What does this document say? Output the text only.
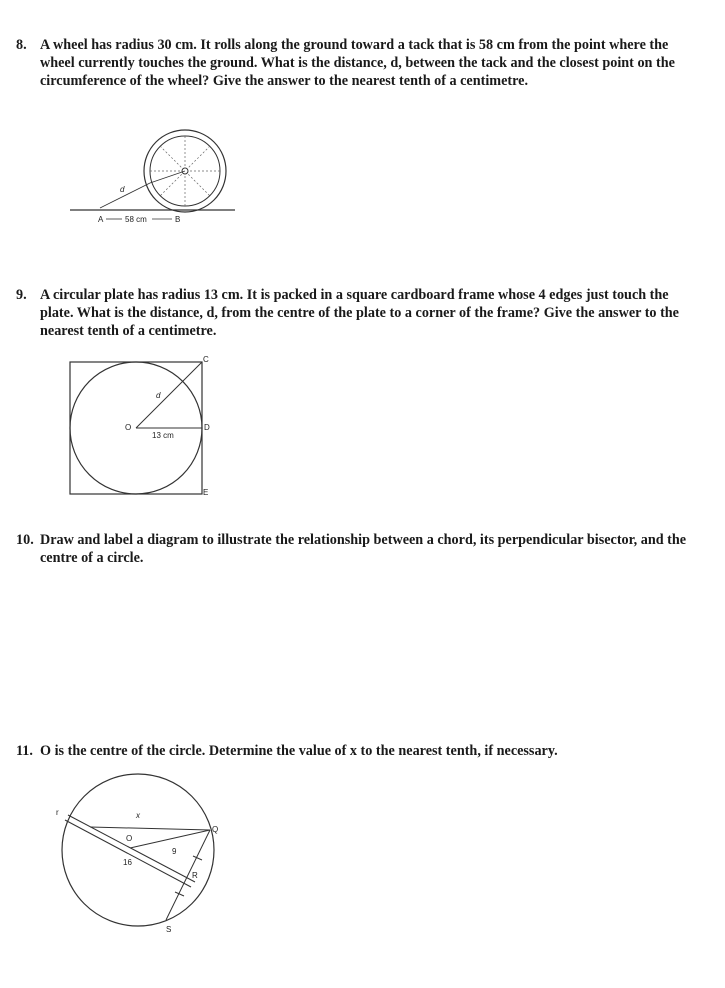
8. A wheel has radius 30 cm. It rolls along the ground toward a tack that is 58 cm from the point where the wheel currently touches the ground. What is the distance, d, between the tack and the closest point on the circumference of the wheel? Give the answer to the nearest tenth of a centimetre.
d
A	58 cm	B
9. A circular plate has radius 13 cm. It is packed in a square cardboard frame whose 4 edges just touch the plate. What is the distance, d, from the centre of the plate to a corner of the frame? Give the answer to the nearest tenth of a centimetre.
C
d
O	D
13 cm
E
10. Draw and label a diagram to illustrate the relationship between a chord, its perpendicular bisector, and the centre of a circle.
11. O is the centre of the circle. Determine the value of x to the nearest tenth, if necessary.
r	x
O
Q
9
16
R
S
